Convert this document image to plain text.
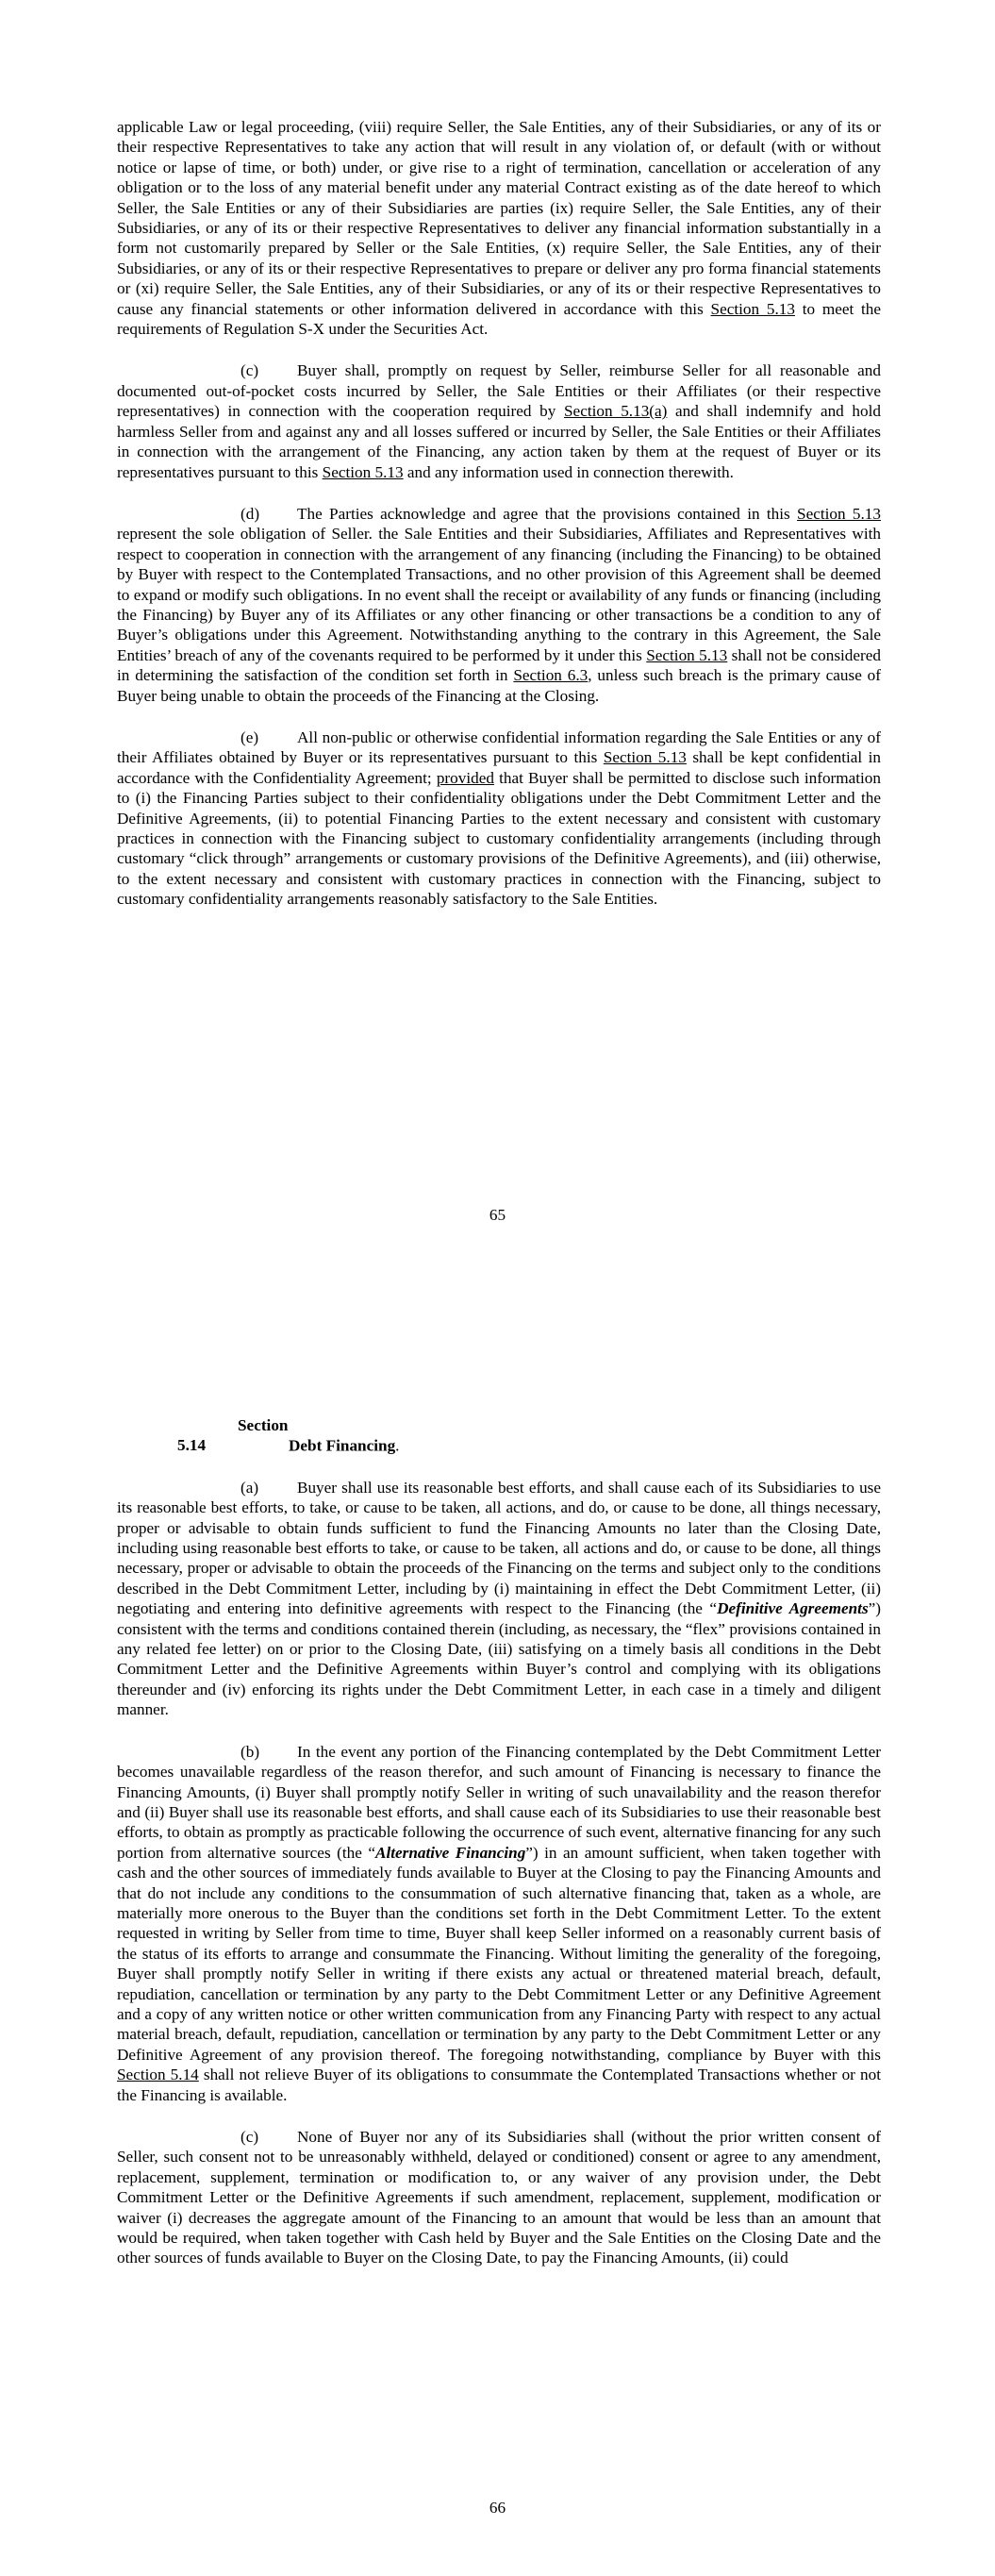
applicable Law or legal proceeding, (viii) require Seller, the Sale Entities, any of their Subsidiaries, or any of its or their respective Representatives to take any action that will result in any violation of, or default (with or without notice or lapse of time, or both) under, or give rise to a right of termination, cancellation or acceleration of any obligation or to the loss of any material benefit under any material Contract existing as of the date hereof to which Seller, the Sale Entities or any of their Subsidiaries are parties (ix) require Seller, the Sale Entities, any of their Subsidiaries, or any of its or their respective Representatives to deliver any financial information substantially in a form not customarily prepared by Seller or the Sale Entities, (x) require Seller, the Sale Entities, any of their Subsidiaries, or any of its or their respective Representatives to prepare or deliver any pro forma financial statements or (xi) require Seller, the Sale Entities, any of their Subsidiaries, or any of its or their respective Representatives to cause any financial statements or other information delivered in accordance with this Section 5.13 to meet the requirements of Regulation S-X under the Securities Act.

(c) Buyer shall, promptly on request by Seller, reimburse Seller for all reasonable and documented out-of-pocket costs incurred by Seller, the Sale Entities or their Affiliates (or their respective representatives) in connection with the cooperation required by Section 5.13(a) and shall indemnify and hold harmless Seller from and against any and all losses suffered or incurred by Seller, the Sale Entities or their Affiliates in connection with the arrangement of the Financing, any action taken by them at the request of Buyer or its representatives pursuant to this Section 5.13 and any information used in connection therewith.

(d) The Parties acknowledge and agree that the provisions contained in this Section 5.13 represent the sole obligation of Seller. the Sale Entities and their Subsidiaries, Affiliates and Representatives with respect to cooperation in connection with the arrangement of any financing (including the Financing) to be obtained by Buyer with respect to the Contemplated Transactions, and no other provision of this Agreement shall be deemed to expand or modify such obligations. In no event shall the receipt or availability of any funds or financing (including the Financing) by Buyer any of its Affiliates or any other financing or other transactions be a condition to any of Buyer’s obligations under this Agreement. Notwithstanding anything to the contrary in this Agreement, the Sale Entities’ breach of any of the covenants required to be performed by it under this Section 5.13 shall not be considered in determining the satisfaction of the condition set forth in Section 6.3, unless such breach is the primary cause of Buyer being unable to obtain the proceeds of the Financing at the Closing.

(e) All non-public or otherwise confidential information regarding the Sale Entities or any of their Affiliates obtained by Buyer or its representatives pursuant to this Section 5.13 shall be kept confidential in accordance with the Confidentiality Agreement; provided that Buyer shall be permitted to disclose such information to (i) the Financing Parties subject to their confidentiality obligations under the Debt Commitment Letter and the Definitive Agreements, (ii) to potential Financing Parties to the extent necessary and consistent with customary practices in connection with the Financing subject to customary confidentiality arrangements (including through customary “click through” arrangements or customary provisions of the Definitive Agreements), and (iii) otherwise, to the extent necessary and consistent with customary practices in connection with the Financing, subject to customary confidentiality arrangements reasonably satisfactory to the Sale Entities.

65

Section 5.14	Debt Financing.

(a) Buyer shall use its reasonable best efforts, and shall cause each of its Subsidiaries to use its reasonable best efforts, to take, or cause to be taken, all actions, and do, or cause to be done, all things necessary, proper or advisable to obtain funds sufficient to fund the Financing Amounts no later than the Closing Date, including using reasonable best efforts to take, or cause to be taken, all actions and do, or cause to be done, all things necessary, proper or advisable to obtain the proceeds of the Financing on the terms and subject only to the conditions described in the Debt Commitment Letter, including by (i) maintaining in effect the Debt Commitment Letter, (ii) negotiating and entering into definitive agreements with respect to the Financing (the “Definitive Agreements”) consistent with the terms and conditions contained therein (including, as necessary, the “flex” provisions contained in any related fee letter) on or prior to the Closing Date, (iii) satisfying on a timely basis all conditions in the Debt Commitment Letter and the Definitive Agreements within Buyer’s control and complying with its obligations thereunder and (iv) enforcing its rights under the Debt Commitment Letter, in each case in a timely and diligent manner.

(b) In the event any portion of the Financing contemplated by the Debt Commitment Letter becomes unavailable regardless of the reason therefor, and such amount of Financing is necessary to finance the Financing Amounts, (i) Buyer shall promptly notify Seller in writing of such unavailability and the reason therefor and (ii) Buyer shall use its reasonable best efforts, and shall cause each of its Subsidiaries to use their reasonable best efforts, to obtain as promptly as practicable following the occurrence of such event, alternative financing for any such portion from alternative sources (the “Alternative Financing”) in an amount sufficient, when taken together with cash and the other sources of immediately funds available to Buyer at the Closing to pay the Financing Amounts and that do not include any conditions to the consummation of such alternative financing that, taken as a whole, are materially more onerous to the Buyer than the conditions set forth in the Debt Commitment Letter. To the extent requested in writing by Seller from time to time, Buyer shall keep Seller informed on a reasonably current basis of the status of its efforts to arrange and consummate the Financing. Without limiting the generality of the foregoing, Buyer shall promptly notify Seller in writing if there exists any actual or threatened material breach, default, repudiation, cancellation or termination by any party to the Debt Commitment Letter or any Definitive Agreement and a copy of any written notice or other written communication from any Financing Party with respect to any actual material breach, default, repudiation, cancellation or termination by any party to the Debt Commitment Letter or any Definitive Agreement of any provision thereof. The foregoing notwithstanding, compliance by Buyer with this Section 5.14 shall not relieve Buyer of its obligations to consummate the Contemplated Transactions whether or not the Financing is available.

(c) None of Buyer nor any of its Subsidiaries shall (without the prior written consent of Seller, such consent not to be unreasonably withheld, delayed or conditioned) consent or agree to any amendment, replacement, supplement, termination or modification to, or any waiver of any provision under, the Debt Commitment Letter or the Definitive Agreements if such amendment, replacement, supplement, modification or waiver (i) decreases the aggregate amount of the Financing to an amount that would be less than an amount that would be required, when taken together with Cash held by Buyer and the Sale Entities on the Closing Date and the other sources of funds available to Buyer on the Closing Date, to pay the Financing Amounts, (ii) could

66
